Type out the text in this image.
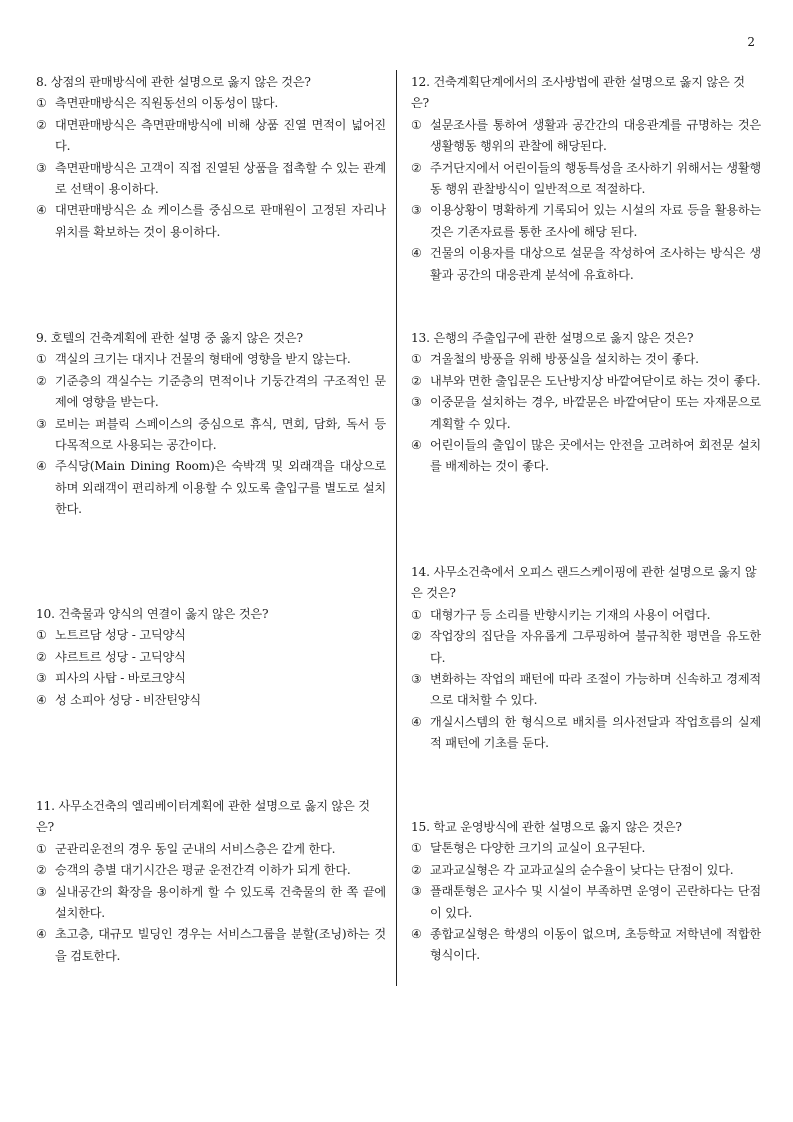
2

8. 상점의 판매방식에 관한 설명으로 옳지 않은 것은?

① 측면판매방식은 직원동선의 이동성이 많다.
② 대면판매방식은 측면판매방식에 비해 상품 진열 면적이 넓어진다.
③ 측면판매방식은 고객이 직접 진열된 상품을 접촉할 수 있는 관계로 선택이 용이하다.
④ 대면판매방식은 쇼 케이스를 중심으로 판매원이 고정된 자리나 위치를 확보하는 것이 용이하다.

9. 호텔의 건축계획에 관한 설명 중 옳지 않은 것은?

① 객실의 크기는 대지나 건물의 형태에 영향을 받지 않는다.
② 기준층의 객실수는 기준층의 면적이나 기둥간격의 구조적인 문제에 영향을 받는다.
③ 로비는 퍼블릭 스페이스의 중심으로 휴식, 면회, 담화, 독서 등 다목적으로 사용되는 공간이다.
④ 주식당(Main Dining Room)은 숙박객 및 외래객을 대상으로 하며 외래객이 편리하게 이용할 수 있도록 출입구를 별도로 설치한다.

10. 건축물과 양식의 연결이 옳지 않은 것은?

① 노트르담 성당 - 고딕양식
② 샤르트르 성당 - 고딕양식
③ 피사의 사탑 - 바로크양식
④ 성 소피아 성당 - 비잔틴양식

11. 사무소건축의 엘리베이터계획에 관한 설명으로 옳지 않은 것은?

① 군관리운전의 경우 동일 군내의 서비스층은 같게 한다.
② 승객의 층별 대기시간은 평균 운전간격 이하가 되게 한다.
③ 실내공간의 확장을 용이하게 할 수 있도록 건축물의 한 쪽 끝에 설치한다.
④ 초고층, 대규모 빌딩인 경우는 서비스그룹을 분할(조닝)하는 것을 검토한다.

12. 건축계획단계에서의 조사방법에 관한 설명으로 옳지 않은 것은?

① 설문조사를 통하여 생활과 공간간의 대응관계를 규명하는 것은 생활행동 행위의 관찰에 해당된다.
② 주거단지에서 어린이들의 행동특성을 조사하기 위해서는 생활행동 행위 관찰방식이 일반적으로 적절하다.
③ 이용상황이 명확하게 기록되어 있는 시설의 자료 등을 활용하는 것은 기존자료를 통한 조사에 해당 된다.
④ 건물의 이용자를 대상으로 설문을 작성하여 조사하는 방식은 생활과 공간의 대응관계 분석에 유효하다.

13. 은행의 주출입구에 관한 설명으로 옳지 않은 것은?

① 겨울철의 방풍을 위해 방풍실을 설치하는 것이 좋다.
② 내부와 면한 출입문은 도난방지상 바깥여닫이로 하는 것이 좋다.
③ 이중문을 설치하는 경우, 바깥문은 바깥여닫이 또는 자재문으로 계획할 수 있다.
④ 어린이들의 출입이 많은 곳에서는 안전을 고려하여 회전문 설치를 배제하는 것이 좋다.

14. 사무소건축에서 오피스 랜드스케이핑에 관한 설명으로 옳지 않은 것은?

① 대형가구 등 소리를 반향시키는 기재의 사용이 어렵다.
② 작업장의 집단을 자유롭게 그루핑하여 불규칙한 평면을 유도한다.
③ 변화하는 작업의 패턴에 따라 조절이 가능하며 신속하고 경제적으로 대처할 수 있다.
④ 개실시스템의 한 형식으로 배치를 의사전달과 작업흐름의 실제적 패턴에 기초를 둔다.

15. 학교 운영방식에 관한 설명으로 옳지 않은 것은?

① 달톤형은 다양한 크기의 교실이 요구된다.
② 교과교실형은 각 교과교실의 순수율이 낮다는 단점이 있다.
③ 플래툰형은 교사수 및 시설이 부족하면 운영이 곤란하다는 단점이 있다.
④ 종합교실형은 학생의 이동이 없으며, 초등학교 저학년에 적합한 형식이다.
